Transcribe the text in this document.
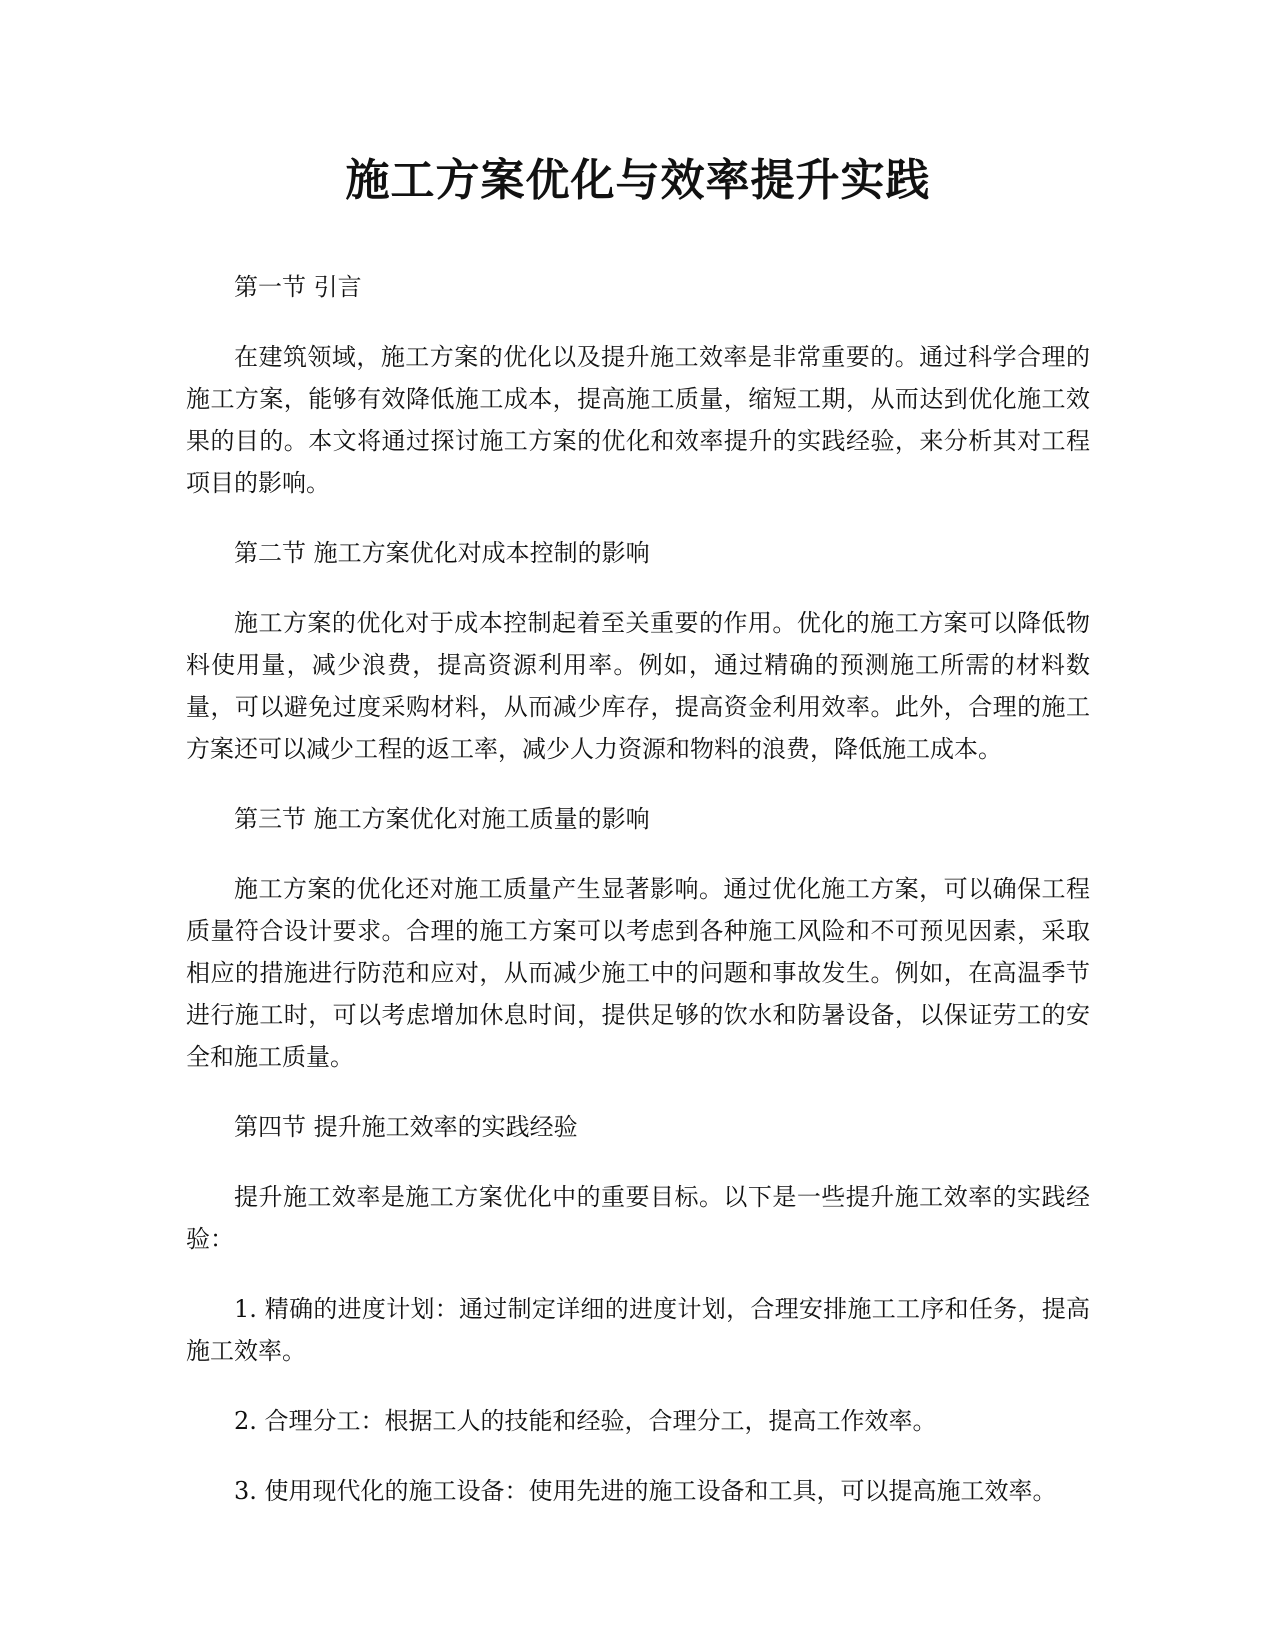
施工方案优化与效率提升实践

第一节 引言

在建筑领域，施工方案的优化以及提升施工效率是非常重要的。通过科学合理的施工方案，能够有效降低施工成本，提高施工质量，缩短工期，从而达到优化施工效果的目的。本文将通过探讨施工方案的优化和效率提升的实践经验，来分析其对工程项目的影响。

第二节 施工方案优化对成本控制的影响

施工方案的优化对于成本控制起着至关重要的作用。优化的施工方案可以降低物料使用量，减少浪费，提高资源利用率。例如，通过精确的预测施工所需的材料数量，可以避免过度采购材料，从而减少库存，提高资金利用效率。此外，合理的施工方案还可以减少工程的返工率，减少人力资源和物料的浪费，降低施工成本。

第三节 施工方案优化对施工质量的影响

施工方案的优化还对施工质量产生显著影响。通过优化施工方案，可以确保工程质量符合设计要求。合理的施工方案可以考虑到各种施工风险和不可预见因素，采取相应的措施进行防范和应对，从而减少施工中的问题和事故发生。例如，在高温季节进行施工时，可以考虑增加休息时间，提供足够的饮水和防暑设备，以保证劳工的安全和施工质量。

第四节 提升施工效率的实践经验

提升施工效率是施工方案优化中的重要目标。以下是一些提升施工效率的实践经验：

1. 精确的进度计划：通过制定详细的进度计划，合理安排施工工序和任务，提高施工效率。

2. 合理分工：根据工人的技能和经验，合理分工，提高工作效率。

3. 使用现代化的施工设备：使用先进的施工设备和工具，可以提高施工效率。
